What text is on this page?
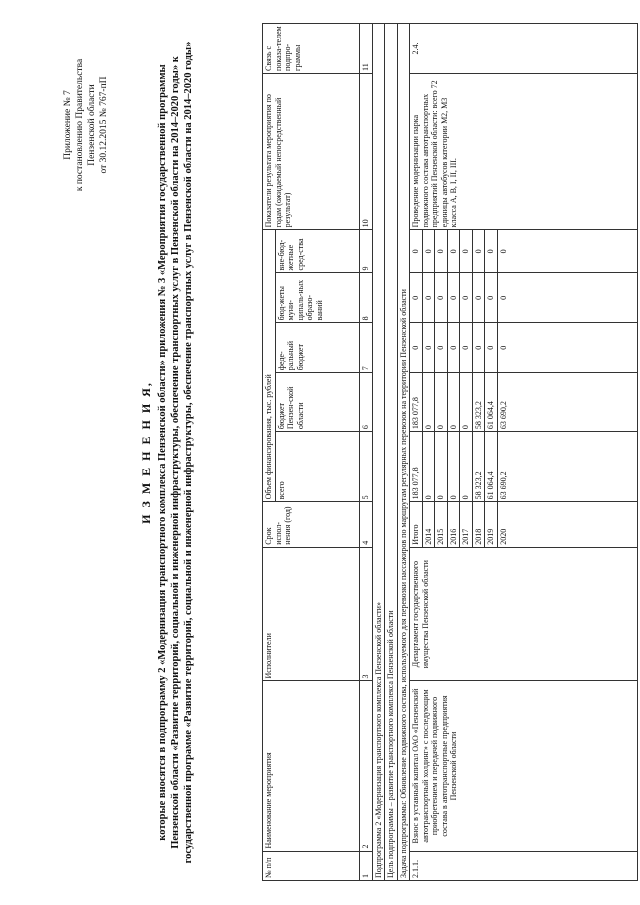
Приложение № 7 к постановлению Правительства Пензенской области от 30.12.2015 № 767-пП
И З М Е Н Е Н И Я, которые вносятся в подпрограмму 2 «Модернизация транспортного комплекса Пензенской области» приложения № 3 «Мероприятия государственной программы Пензенской области «Развитие территорий, социальной и инженерной инфраструктуры, обеспечение транспортных услуг в Пензенской области на 2014–2020 годы» к государственной программе «Развитие территорий, социальной и инженерной инфраструктуры, обеспечение транспортных услуг в Пензенской области на 2014–2020 годы»
№ п/п	Наименование мероприятия	Исполнители	Срок испол-нения (год)	Объем финансирования, тыс. рублей					Показатели результата мероприятия по годам (ожидаемый непосредственный результат)	Связь с показа-телем подпро-граммы
				всего	бюджет Пензен-ской области	феде-ральный бюджет	бюд-жеты муни-ципаль-ных образо-ваний	вне-бюд-жетные сред-ства		
1	2	3	4	5	6	7	8	9	10	11
Подпрограмма 2 «Модернизация транспортного комплекса Пензенской области»										
Цель подпрограммы – развитие транспортного комплекса Пензенской области										
Задача подпрограммы: Обновление подвижного состава, используемого для перевозки пассажиров по маршрутам регулярных перевозок на территории Пензенской области										
2.1.1.	Взнос в уставный капитал ОАО «Пензенский автотранспортный холдинг» с последующим приобретением и передачей подвижного состава в автотранспортные предприятия Пензенской области	Департамент государственного имущества Пензенской области	Итого	183 077,8	183 077,8	0	0	0	Проведение модернизации парка подвижного состава автотранспортных предприятий Пензенской области: всего 72 единицы автобусов категории М2, М3 класса А, В, I, II, III.	2.4.
			2014	0	0	0	0	0		
			2015	0	0	0	0	0		
			2016	0	0	0	0	0		
			2017	0	0	0	0	0		
			2018	58 323,2	58 323,2	0	0	0		
			2019	61 064,4	61 064,4	0	0	0		
			2020	63 690,2	63 690,2	0	0	0		
